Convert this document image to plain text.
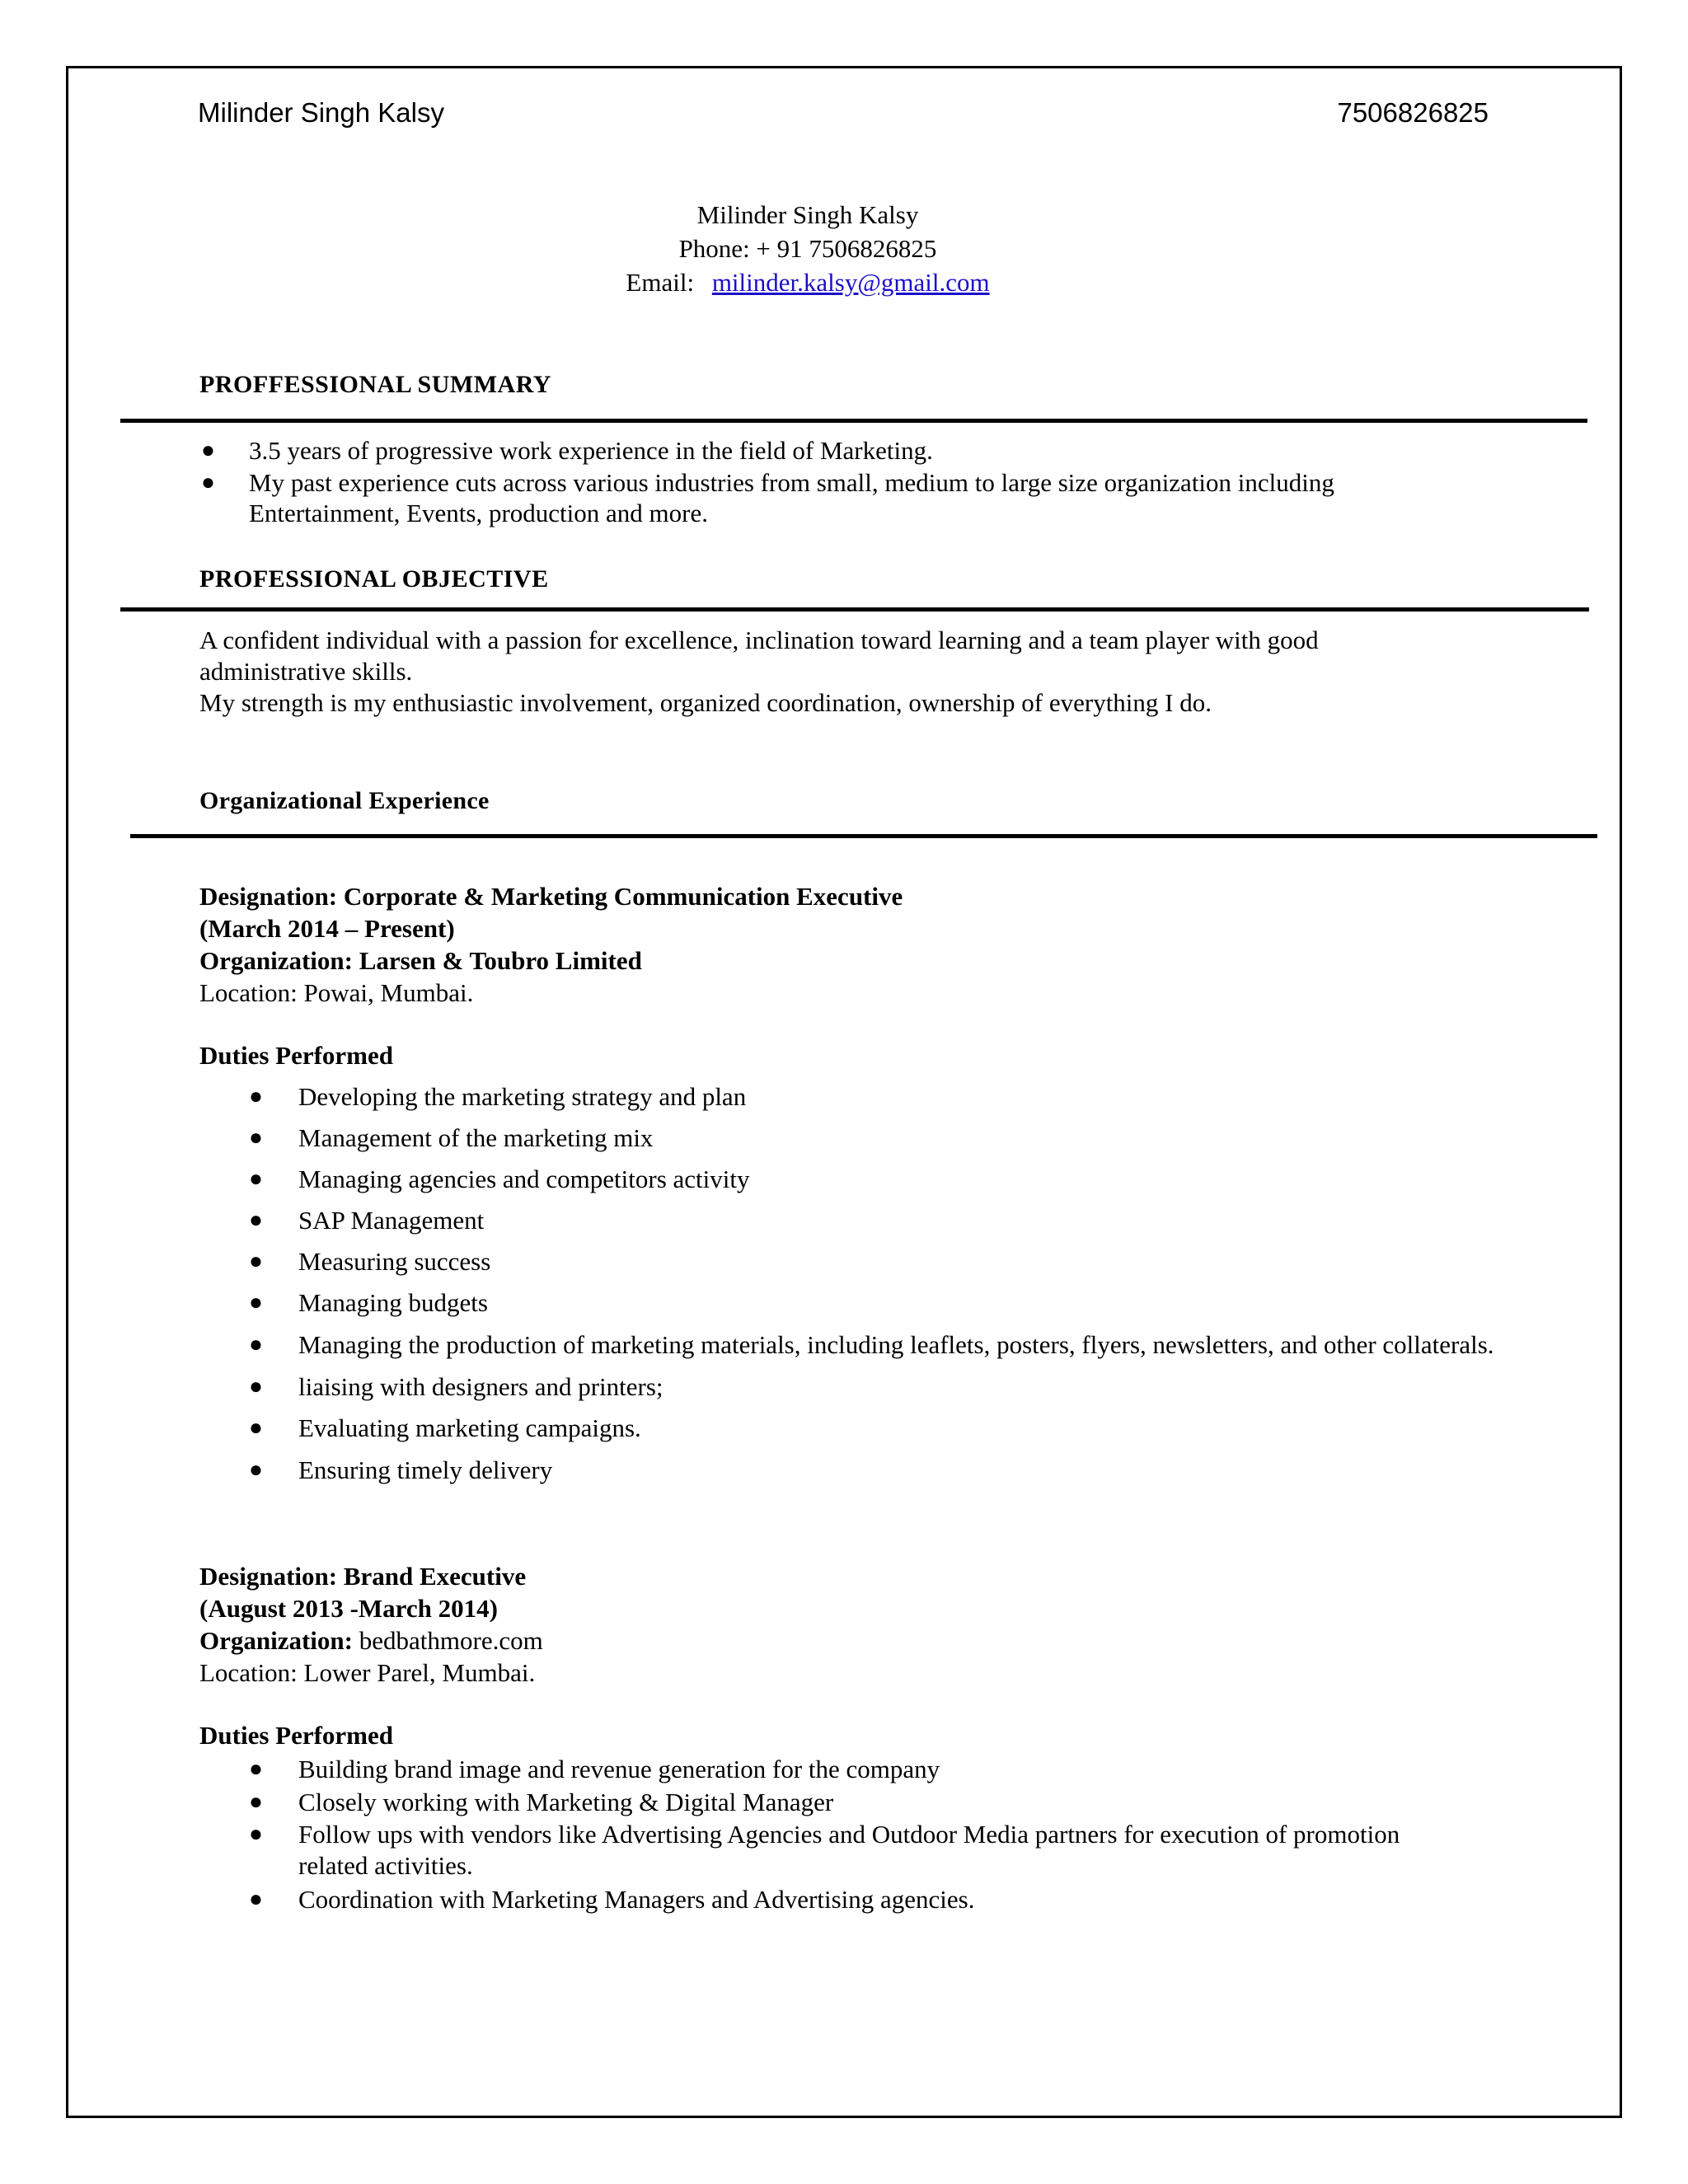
Milinder Singh Kalsy	7506826825
Milinder Singh Kalsy
Phone: + 91 7506826825
Email: milinder.kalsy@gmail.com
PROFFESSIONAL SUMMARY
● 3.5 years of progressive work experience in the field of Marketing.
● My past experience cuts across various industries from small, medium to large size organization including Entertainment, Events, production and more.
PROFESSIONAL OBJECTIVE
A confident individual with a passion for excellence, inclination toward learning and a team player with good administrative skills.
My strength is my enthusiastic involvement, organized coordination, ownership of everything I do.
Organizational Experience
Designation: Corporate & Marketing Communication Executive
(March 2014 – Present)
Organization: Larsen & Toubro Limited
Location: Powai, Mumbai.
Duties Performed
● Developing the marketing strategy and plan
● Management of the marketing mix
● Managing agencies and competitors activity
● SAP Management
● Measuring success
● Managing budgets
● Managing the production of marketing materials, including leaflets, posters, flyers, newsletters, and other collaterals.
● liaising with designers and printers;
● Evaluating marketing campaigns.
● Ensuring timely delivery
Designation: Brand Executive
(August 2013 -March 2014)
Organization: bedbathmore.com
Location: Lower Parel, Mumbai.
Duties Performed
● Building brand image and revenue generation for the company
● Closely working with Marketing & Digital Manager
● Follow ups with vendors like Advertising Agencies and Outdoor Media partners for execution of promotion related activities.
● Coordination with Marketing Managers and Advertising agencies.
